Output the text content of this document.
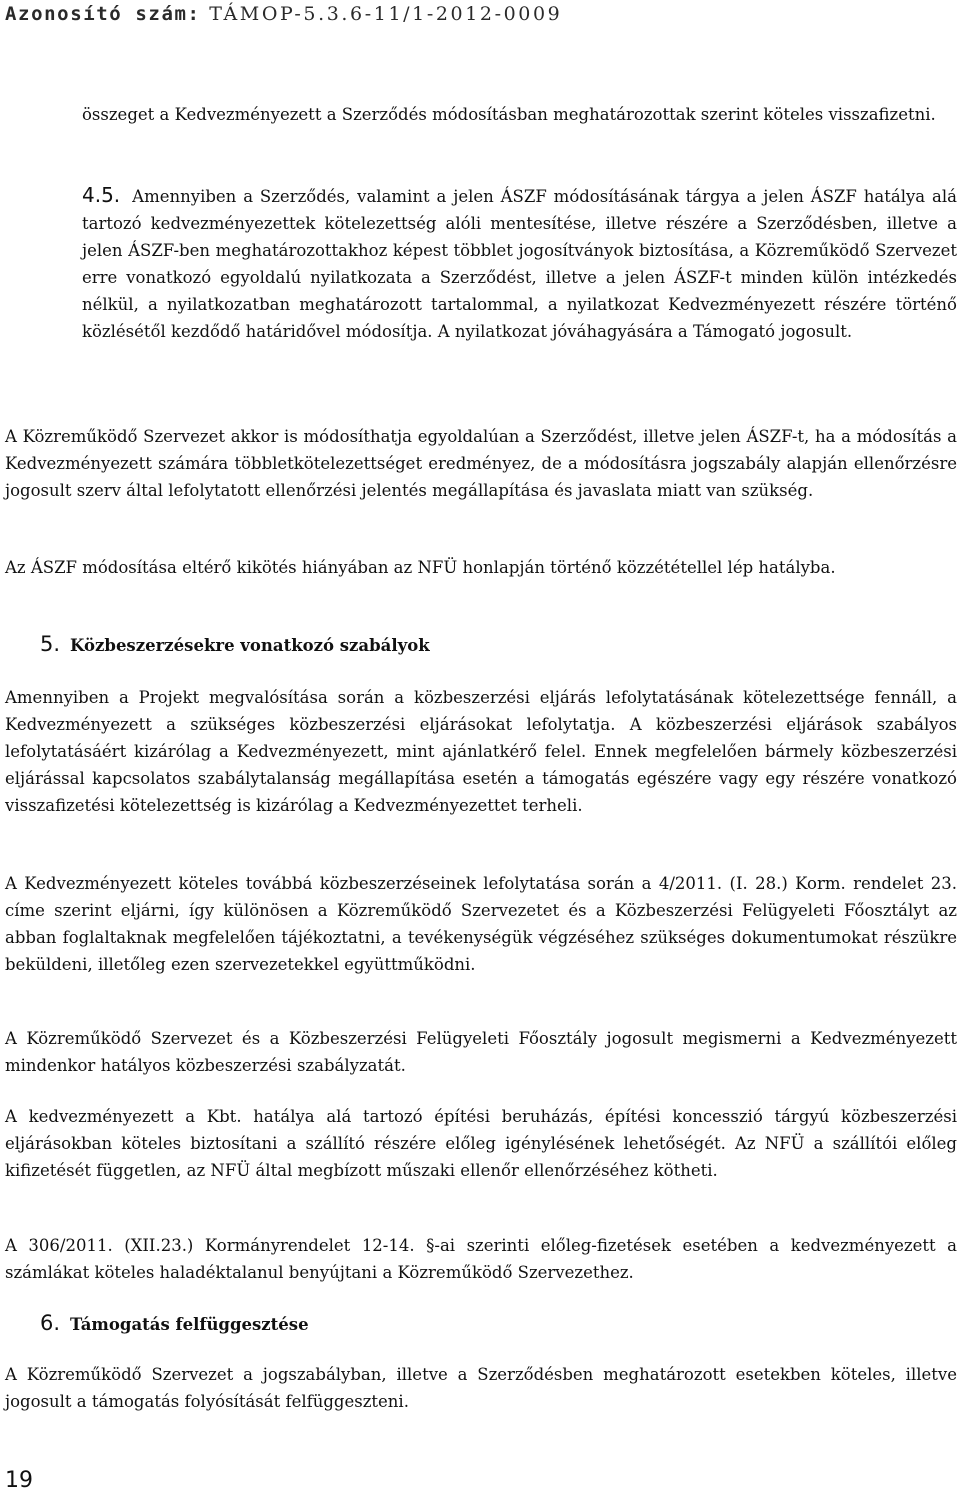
Azonosító szám: TÁMOP-5.3.6-11/1-2012-0009

összeget a Kedvezményezett a Szerződés módosításban meghatározottak szerint köteles visszafizetni.

4.5. Amennyiben a Szerződés, valamint a jelen ÁSZF módosításának tárgya a jelen ÁSZF hatálya alá tartozó kedvezményezettek kötelezettség alóli mentesítése, illetve részére a Szerződésben, illetve a jelen ÁSZF-ben meghatározottakhoz képest többlet jogosítványok biztosítása, a Közreműködő Szervezet erre vonatkozó egyoldalú nyilatkozata a Szerződést, illetve a jelen ÁSZF-t minden külön intézkedés nélkül, a nyilatkozatban meghatározott tartalommal, a nyilatkozat Kedvezményezett részére történő közlésétől kezdődő határidővel módosítja. A nyilatkozat jóváhagyására a Támogató jogosult.

A Közreműködő Szervezet akkor is módosíthatja egyoldalúan a Szerződést, illetve jelen ÁSZF-t, ha a módosítás a Kedvezményezett számára többletkötelezettséget eredményez, de a módosításra jogszabály alapján ellenőrzésre jogosult szerv által lefolytatott ellenőrzési jelentés megállapítása és javaslata miatt van szükség.

Az ÁSZF módosítása eltérő kikötés hiányában az NFÜ honlapján történő közzététellel lép hatályba.

5. Közbeszerzésekre vonatkozó szabályok

Amennyiben a Projekt megvalósítása során a közbeszerzési eljárás lefolytatásának kötelezettsége fennáll, a Kedvezményezett a szükséges közbeszerzési eljárásokat lefolytatja. A közbeszerzési eljárások szabályos lefolytatásáért kizárólag a Kedvezményezett, mint ajánlatkérő felel. Ennek megfelelően bármely közbeszerzési eljárással kapcsolatos szabálytalanság megállapítása esetén a támogatás egészére vagy egy részére vonatkozó visszafizetési kötelezettség is kizárólag a Kedvezményezettet terheli.

A Kedvezményezett köteles továbbá közbeszerzéseinek lefolytatása során a 4/2011. (I. 28.) Korm. rendelet 23. címe szerint eljárni, így különösen a Közreműködő Szervezetet és a Közbeszerzési Felügyeleti Főosztályt az abban foglaltaknak megfelelően tájékoztatni, a tevékenységük végzéséhez szükséges dokumentumokat részükre beküldeni, illetőleg ezen szervezetekkel együttműködni.

A Közreműködő Szervezet és a Közbeszerzési Felügyeleti Főosztály jogosult megismerni a Kedvezményezett mindenkor hatályos közbeszerzési szabályzatát.

A kedvezményezett a Kbt. hatálya alá tartozó építési beruházás, építési koncesszió tárgyú közbeszerzési eljárásokban köteles biztosítani a szállító részére előleg igénylésének lehetőségét. Az NFÜ a szállítói előleg kifizetését független, az NFÜ által megbízott műszaki ellenőr ellenőrzéséhez kötheti.

A 306/2011. (XII.23.) Kormányrendelet 12-14. §-ai szerinti előleg-fizetések esetében a kedvezményezett a számlákat köteles haladéktalanul benyújtani a Közreműködő Szervezethez.

6. Támogatás felfüggesztése

A Közreműködő Szervezet a jogszabályban, illetve a Szerződésben meghatározott esetekben köteles, illetve jogosult a támogatás folyósítását felfüggeszteni.

19
